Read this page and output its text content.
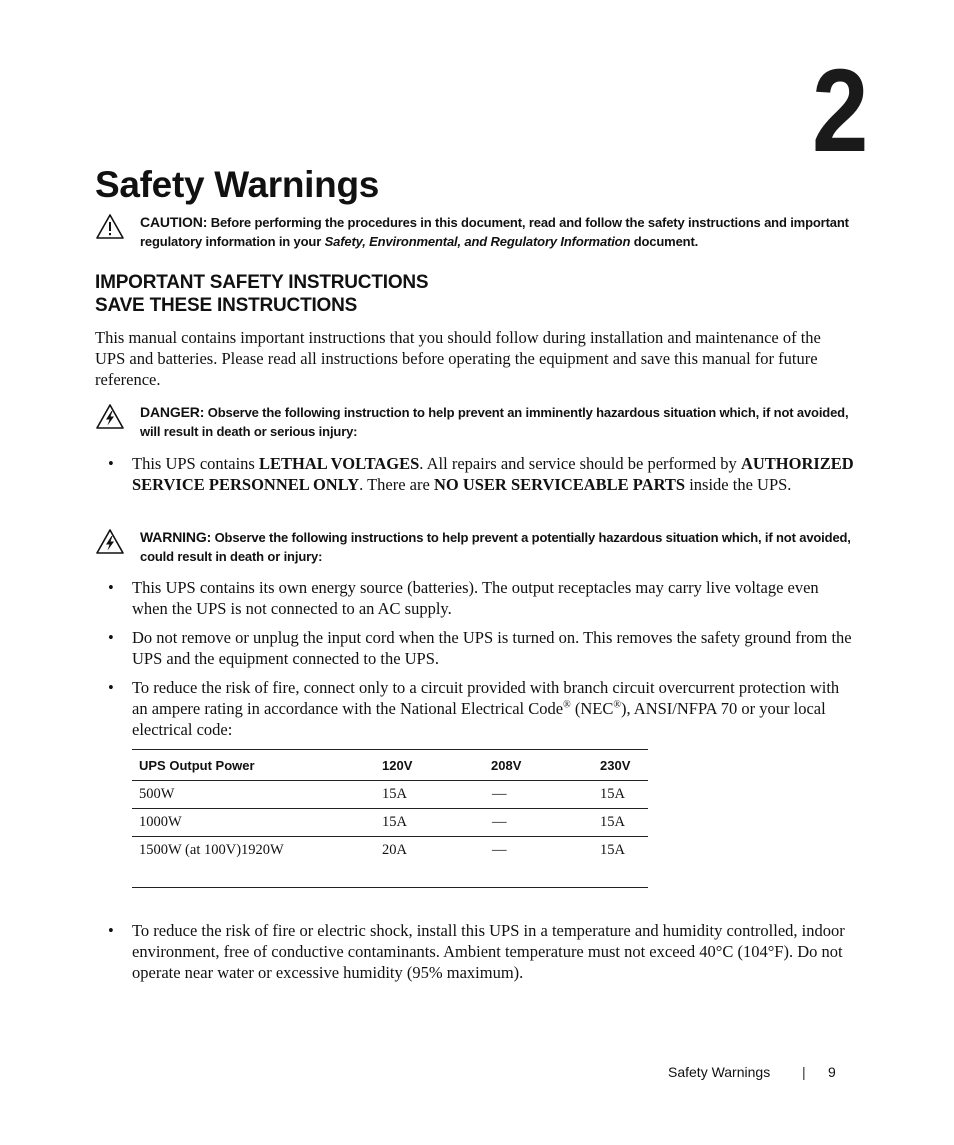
2
Safety Warnings
CAUTION: Before performing the procedures in this document, read and follow the safety instructions and important regulatory information in your Safety, Environmental, and Regulatory Information document.
IMPORTANT SAFETY INSTRUCTIONS
SAVE THESE INSTRUCTIONS

This manual contains important instructions that you should follow during installation and maintenance of the UPS and batteries. Please read all instructions before operating the equipment and save this manual for future reference.

DANGER: Observe the following instruction to help prevent an imminently hazardous situation which, if not avoided, will result in death or serious injury:
• This UPS contains LETHAL VOLTAGES. All repairs and service should be performed by AUTHORIZED SERVICE PERSONNEL ONLY. There are NO USER SERVICEABLE PARTS inside the UPS.
WARNING: Observe the following instructions to help prevent a potentially hazardous situation which, if not avoided, could result in death or injury:
• This UPS contains its own energy source (batteries). The output receptacles may carry live voltage even when the UPS is not connected to an AC supply.
• Do not remove or unplug the input cord when the UPS is turned on. This removes the safety ground from the UPS and the equipment connected to the UPS.
• To reduce the risk of fire, connect only to a circuit provided with branch circuit overcurrent protection with an ampere rating in accordance with the National Electrical Code® (NEC®), ANSI/NFPA 70 or your local electrical code:
UPS Output Power	120V	208V	230V
500W	15A	—	15A
1000W	15A	—	15A
1500W (at 100V)1920W	20A	—	15A
• To reduce the risk of fire or electric shock, install this UPS in a temperature and humidity controlled, indoor environment, free of conductive contaminants. Ambient temperature must not exceed 40°C (104°F). Do not operate near water or excessive humidity (95% maximum).
Safety Warnings | 9
